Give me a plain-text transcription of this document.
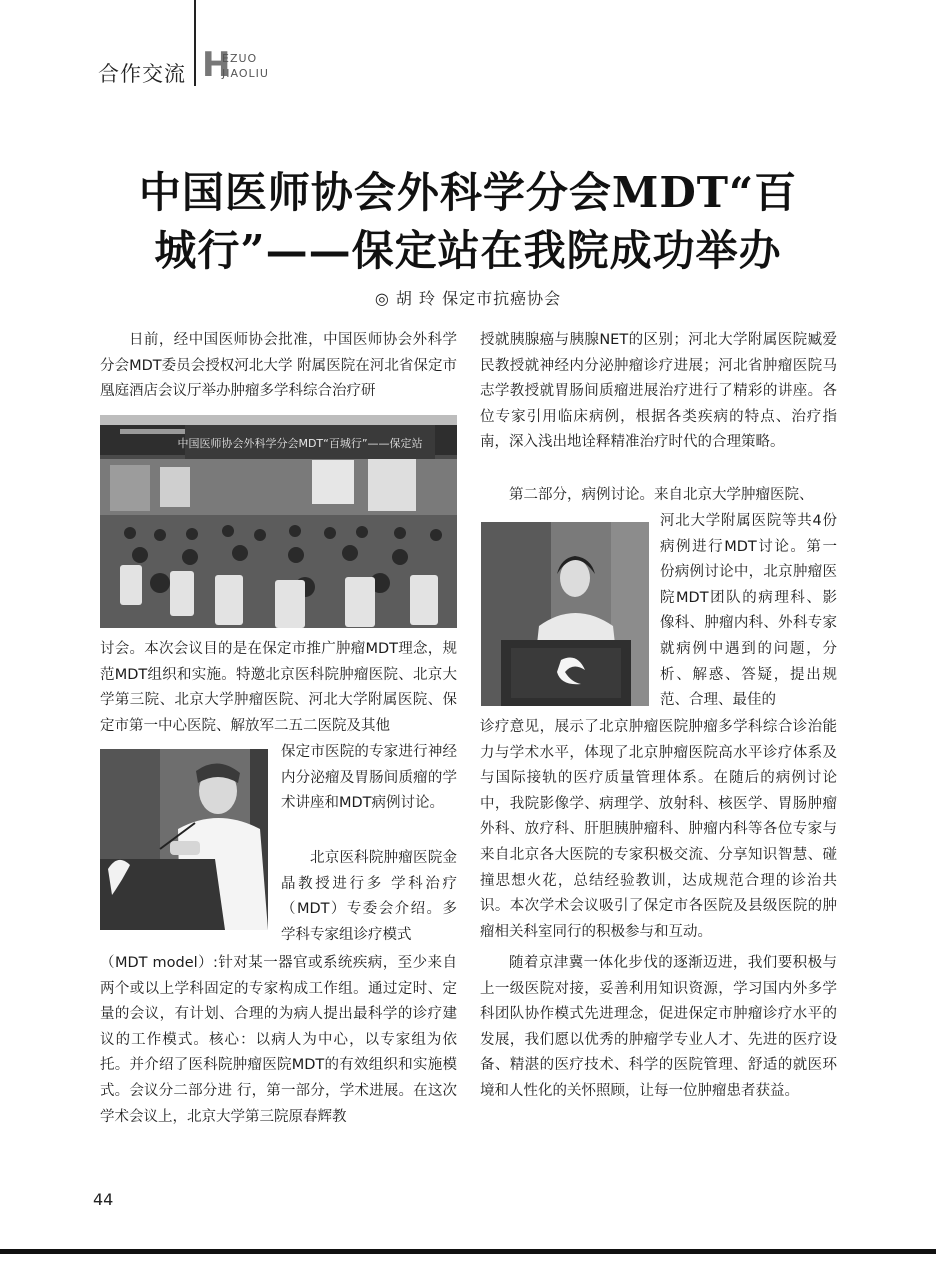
合作交流 H
EZUO
JIAOLIU
中国医师协会外科学分会MDT“百
城行”——保定站在我院成功举办
◎ 胡 玲 保定市抗癌协会
日前，经中国医师协会批准，中国医师协会外科学分会MDT委员会授权河北大学 附属医院在河北省保定市凰庭酒店会议厅举办肿瘤多学科综合治疗研
讨会。本次会议目的是在保定市推广肿瘤MDT理念，规范MDT组织和实施。特邀北京医科院肿瘤医院、北京大学第三院、北京大学肿瘤医院、河北大学附属医院、保定市第一中心医院、解放军二五二医院及其他
保定市医院的专家进行神经内分泌瘤及胃肠间质瘤的学术讲座和MDT病例讨论。
北京医科院肿瘤医院金晶教授进行多 学科治疗（MDT）专委会介绍。多学科专家组诊疗模式
（MDT model）:针对某一器官或系统疾病，至少来自两个或以上学科固定的专家构成工作组。通过定时、定量的会议，有计划、合理的为病人提出最科学的诊疗建议的工作模式。核心：以病人为中心，以专家组为依托。并介绍了医科院肿瘤医院MDT的有效组织和实施模式。会议分二部分进 行，第一部分，学术进展。在这次学术会议上，北京大学第三院原春辉教
授就胰腺癌与胰腺NET的区别；河北大学附属医院臧爱民教授就神经内分泌肿瘤诊疗进展；河北省肿瘤医院马志学教授就胃肠间质瘤进展治疗进行了精彩的讲座。各位专家引用临床病例，根据各类疾病的特点、治疗指南，深入浅出地诠释精准治疗时代的合理策略。
第二部分，病例讨论。来自北京大学肿瘤医院、
河北大学附属医院等共4份病例进行MDT讨论。第一份病例讨论中，北京肿瘤医院MDT团队的病理科、影像科、肿瘤内科、外科专家就病例中遇到的问题，分析、解惑、答疑，提出规范、合理、最佳的
诊疗意见，展示了北京肿瘤医院肿瘤多学科综合诊治能力与学术水平，体现了北京肿瘤医院高水平诊疗体系及与国际接轨的医疗质量管理体系。在随后的病例讨论中，我院影像学、病理学、放射科、核医学、胃肠肿瘤外科、放疗科、肝胆胰肿瘤科、肿瘤内科等各位专家与来自北京各大医院的专家积极交流、分享知识智慧、碰撞思想火花，总结经验教训，达成规范合理的诊治共识。本次学术会议吸引了保定市各医院及县级医院的肿瘤相关科室同行的积极参与和互动。
随着京津冀一体化步伐的逐渐迈进，我们要积极与上一级医院对接，妥善利用知识资源，学习国内外多学科团队协作模式先进理念，促进保定市肿瘤诊疗水平的发展，我们愿以优秀的肿瘤学专业人才、先进的医疗设备、精湛的医疗技术、科学的医院管理、舒适的就医环境和人性化的关怀照顾，让每一位肿瘤患者获益。
44
中国医师协会外科学分会MDT“百城行”——保定站
